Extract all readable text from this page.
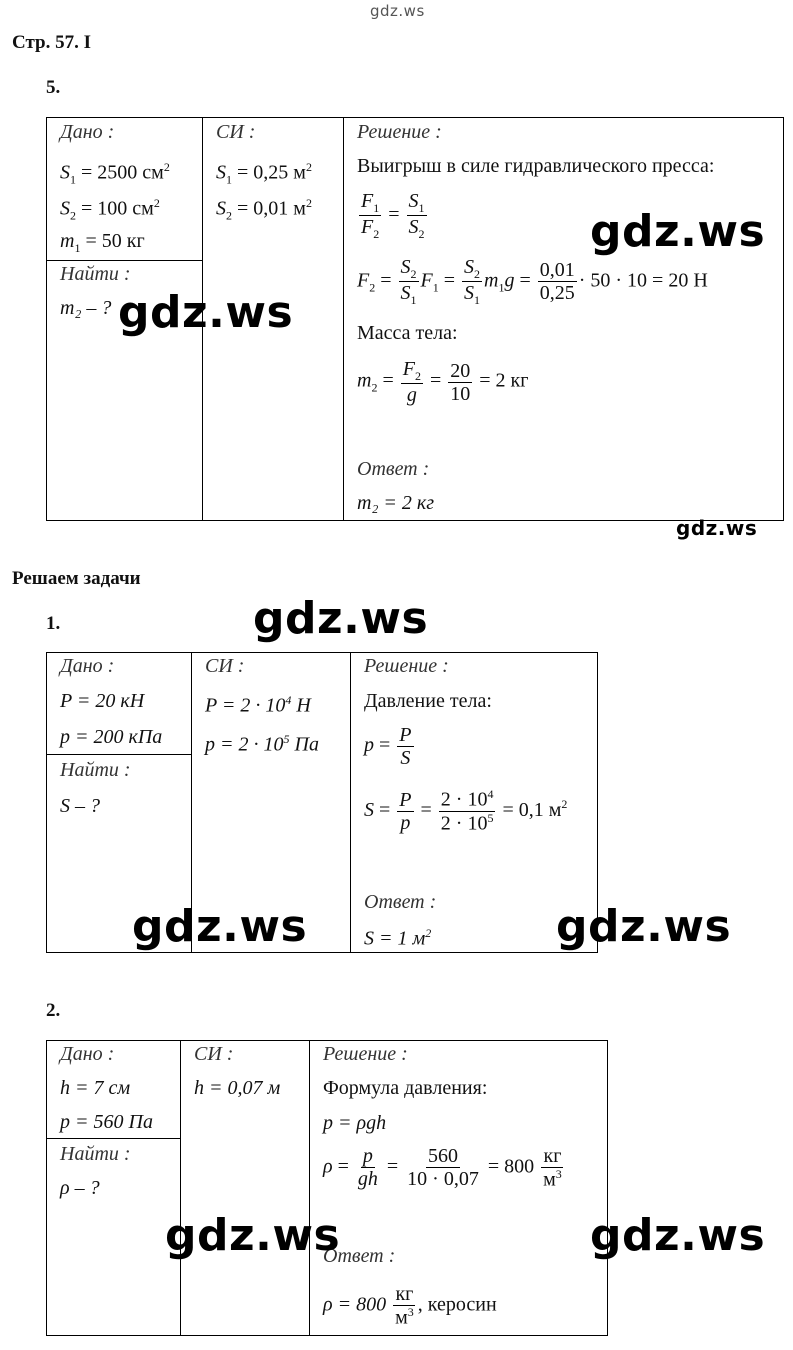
gdz.ws
Стр. 57. I
5.
Дано :
$S_1 = 2500$ $см^2$
$S_2 = 100$ $см^2$
$m_1 = 50$ кг
Найти :
m₂ – ?
СИ :
$S_1 = 0,25$ $м^2$
$S_2 = 0,01$ $м^2$
Решение :
Выигрыш в силе гидравлического пресса:
$\frac{F_1}{F_2} = \frac{S_1}{S_2}$
$F_2 = \frac{S_2}{S_1} F_1 = \frac{S_2}{S_1} m_1g = \frac{0,01}{0,25} \cdot 50 \cdot 10 = 20$ Н
Масса тела:
$m_2 = \frac{F_2}{g} = \frac{20}{10} = 2$ кг
Ответ :
m₂ = 2 кг
gdz.ws
gdz.ws
gdz.ws
Решаем задачи
gdz.ws
1.
Дано :
P = 20 кН
p = 200 кПа
Найти :
S – ?
СИ :
$P = 2 \cdot 10^4$ Н
$p = 2 \cdot 10^5$ Па
Решение :
Давление тела:
$p = \frac{P}{S}$
$S = \frac{P}{p} = \frac{2 \cdot 10^4}{2 \cdot 10^5} = 0,1$ $м^2$
Ответ :
S = 1 $м^2$
gdz.ws	gdz.ws
2.
Дано :
h = 7 см
p = 560 Па
Найти :
ρ – ?
СИ :
h = 0,07 м
Решение :
Формула давления:
p = ρgh
$\rho = \frac{p}{gh} = \frac{560}{10 \cdot 0,07} = 800 \frac{кг}{м^3}$
Ответ :
$\rho = 800 \frac{кг}{м^3}$ , керосин
gdz.ws	gdz.ws
